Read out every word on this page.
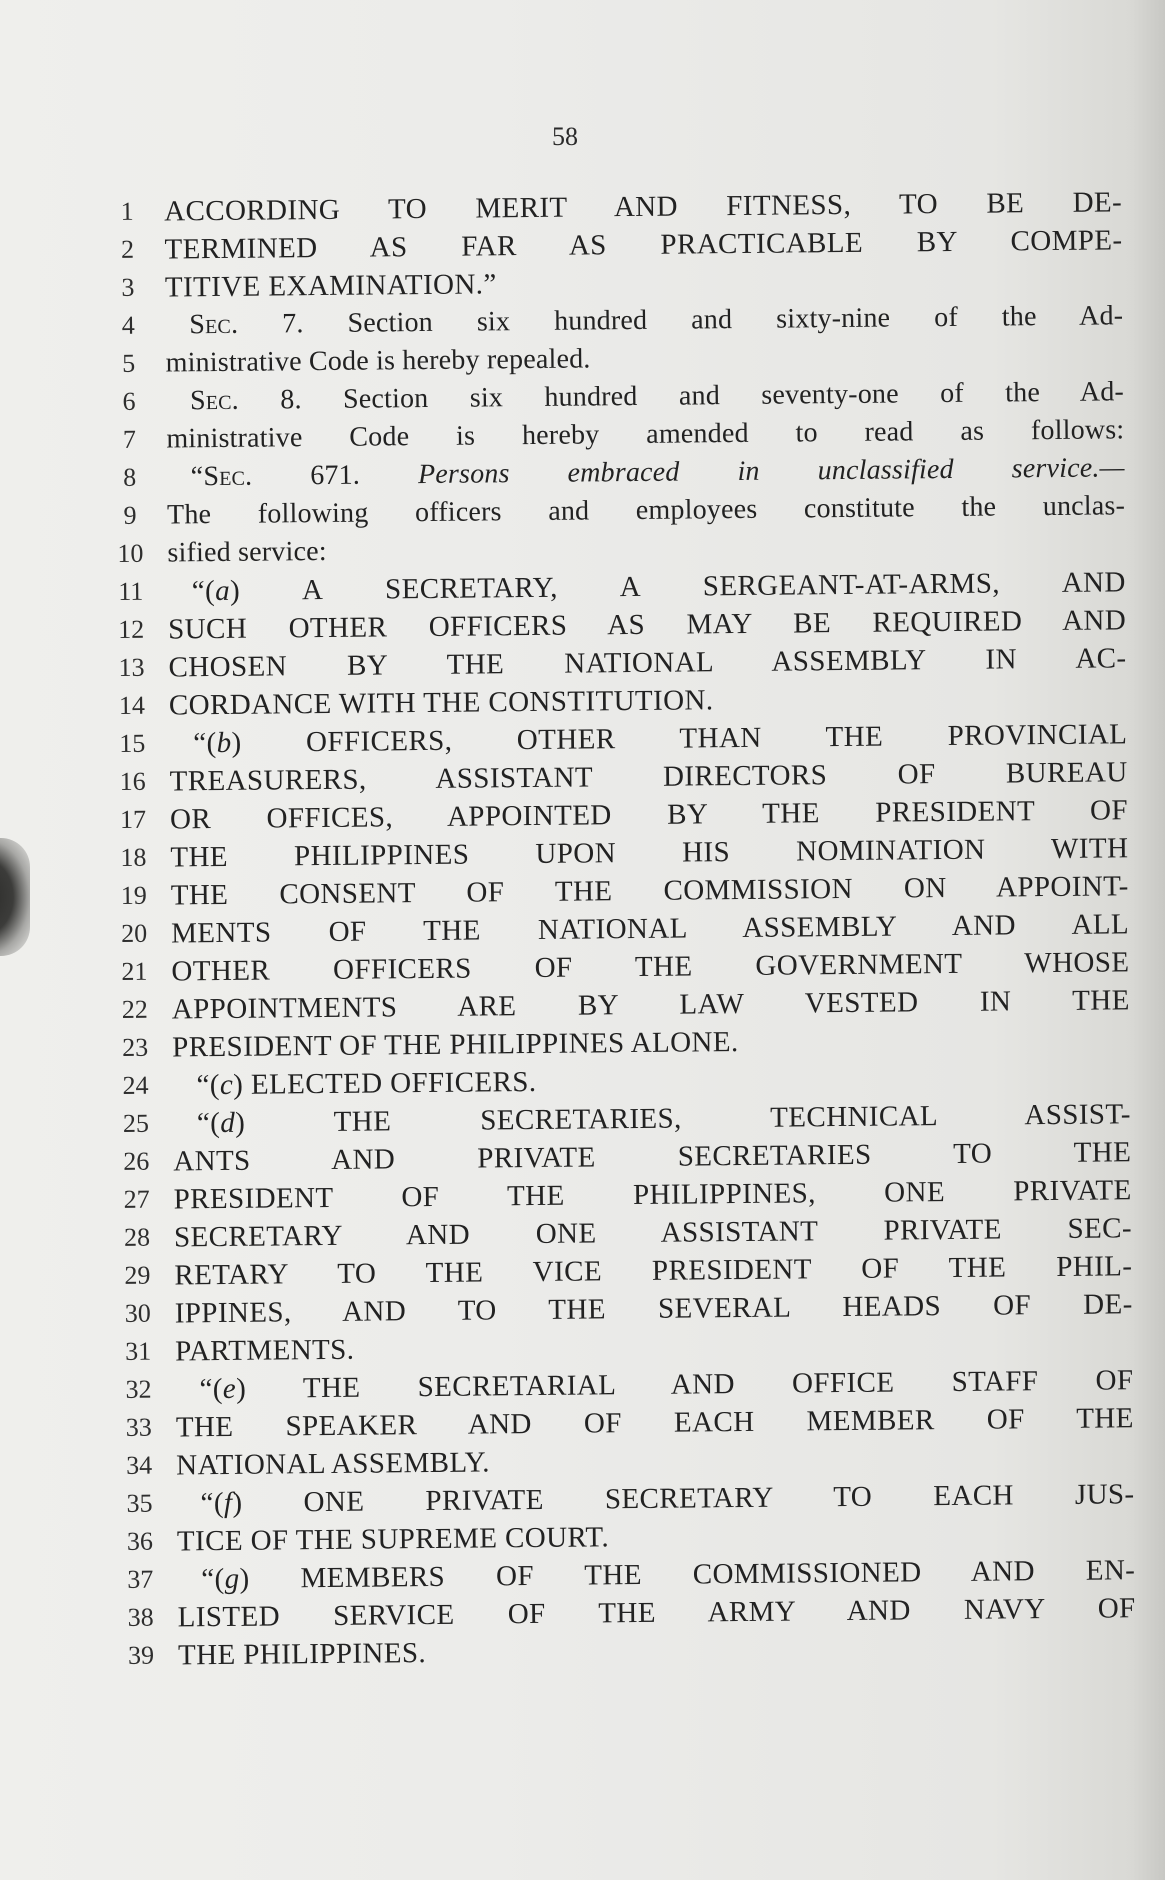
58
1 ACCORDING TO MERIT AND FITNESS, TO BE DE-
2 TERMINED AS FAR AS PRACTICABLE BY COMPE-
3 TITIVE EXAMINATION.”
4	Sec. 7. Section six hundred and sixty-nine of the Ad-
5	ministrative Code is hereby repealed.
6	Sec. 8. Section six hundred and seventy-one of the Ad-
7	ministrative Code is hereby amended to read as follows:
8	“Sec. 671. Persons embraced in unclassified service.—
9	The following officers and employees constitute the unclas-
10 sified service:
11	“(a) A SECRETARY, A SERGEANT-AT-ARMS, AND
12 SUCH OTHER OFFICERS AS MAY BE REQUIRED AND
13 CHOSEN BY THE NATIONAL ASSEMBLY IN AC-
14 CORDANCE WITH THE CONSTITUTION.
15	“(b) OFFICERS, OTHER THAN THE PROVINCIAL
16 TREASURERS, ASSISTANT DIRECTORS OF BUREAU
17 OR OFFICES, APPOINTED BY THE PRESIDENT OF
18 THE PHILIPPINES UPON HIS NOMINATION WITH
19 THE CONSENT OF THE COMMISSION ON APPOINT-
20 MENTS OF THE NATIONAL ASSEMBLY AND ALL
21 OTHER OFFICERS OF THE GOVERNMENT WHOSE
22 APPOINTMENTS ARE BY LAW VESTED IN THE
23 PRESIDENT OF THE PHILIPPINES ALONE.
24	“(c) ELECTED OFFICERS.
25	“(d) THE SECRETARIES, TECHNICAL ASSIST-
26 ANTS AND PRIVATE SECRETARIES TO THE
27 PRESIDENT OF THE PHILIPPINES, ONE PRIVATE
28 SECRETARY AND ONE ASSISTANT PRIVATE SEC-
29 RETARY TO THE VICE PRESIDENT OF THE PHIL-
30 IPPINES, AND TO THE SEVERAL HEADS OF DE-
31 PARTMENTS.
32	“(e) THE SECRETARIAL AND OFFICE STAFF OF
33 THE SPEAKER AND OF EACH MEMBER OF THE
34 NATIONAL ASSEMBLY.
35	“(f) ONE PRIVATE SECRETARY TO EACH JUS-
36 TICE OF THE SUPREME COURT.
37	“(g) MEMBERS OF THE COMMISSIONED AND EN-
38 LISTED SERVICE OF THE ARMY AND NAVY OF
39 THE PHILIPPINES.
